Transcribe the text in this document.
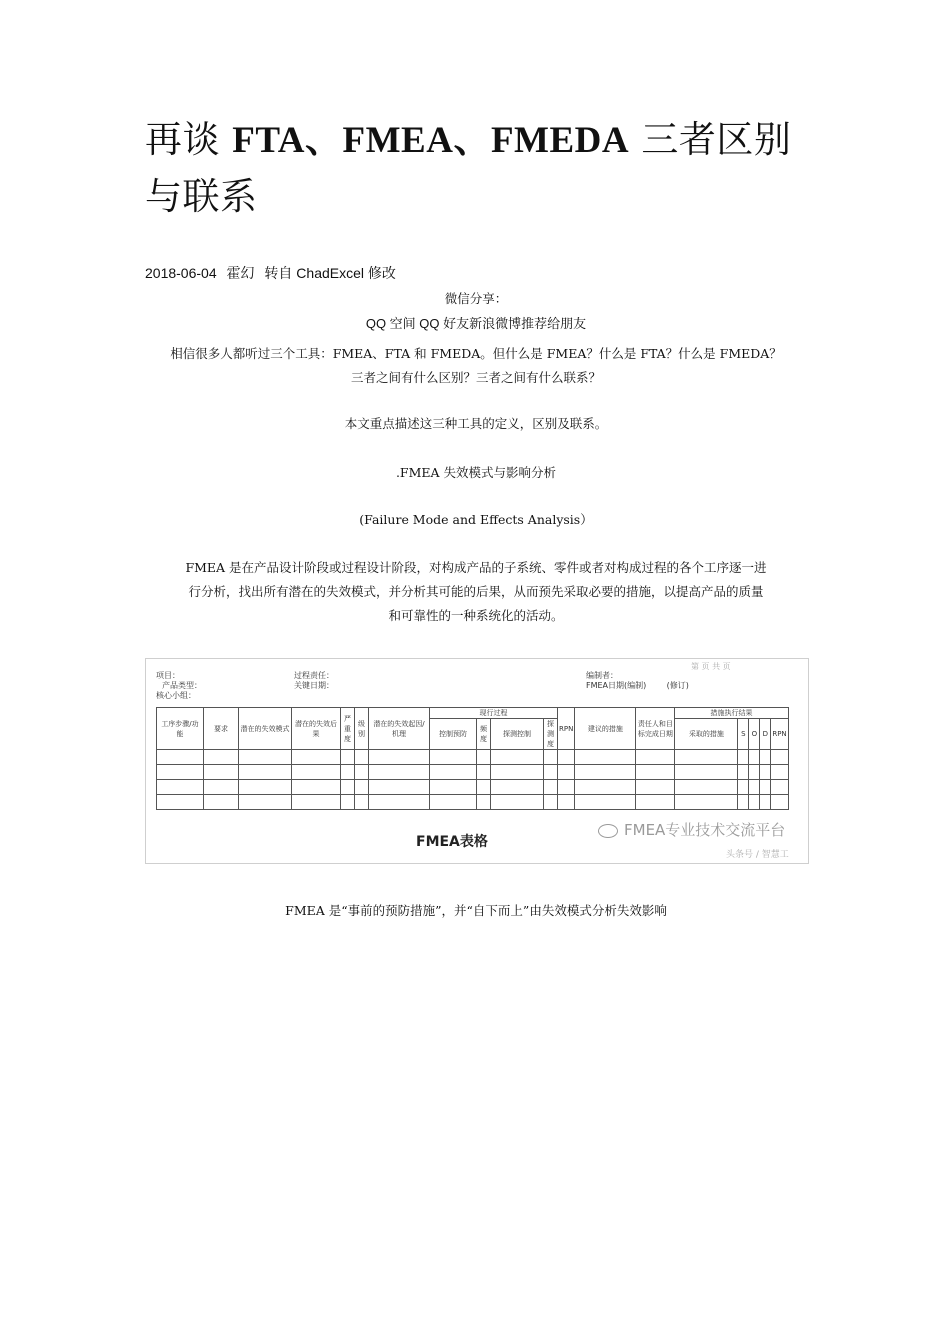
再谈 FTA、FMEA、FMEDA 三者区别与联系
2018-06-04 霍幻 转自 ChadExcel 修改
微信分享：
QQ 空间 QQ 好友新浪微博推荐给朋友
相信很多人都听过三个工具：FMEA、FTA 和 FMEDA。但什么是 FMEA？什么是 FTA？什么是 FMEDA？
三者之间有什么区别？三者之间有什么联系？
本文重点描述这三种工具的定义，区别及联系。
.FMEA 失效模式与影响分析
(Failure Mode and Effects Analysis）
FMEA 是在产品设计阶段或过程设计阶段，对构成产品的子系统、零件或者对构成过程的各个工序逐一进
行分析，找出所有潜在的失效模式，并分析其可能的后果，从而预先采取必要的措施，以提高产品的质量
和可靠性的一种系统化的活动。
项目：
产品类型：
核心小组：
过程责任：
关键日期：
编制者：
FMEA日期(编制)	(修订)
第 页 共 页
工序步骤/功能	要求	潜在的失效模式	潜在的失效后果	严重度	级别	潜在的失效起因/机理	现行过程				RPN	建议的措施	责任人和目标完成日期	措施执行结果				
							控制预防	频度	探测控制	探测度				采取的措施	S	O	D	RPN

FMEA表格
FMEA专业技术交流平台
头条号 / 智慧工
FMEA 是“事前的预防措施”，并“自下而上”由失效模式分析失效影响
